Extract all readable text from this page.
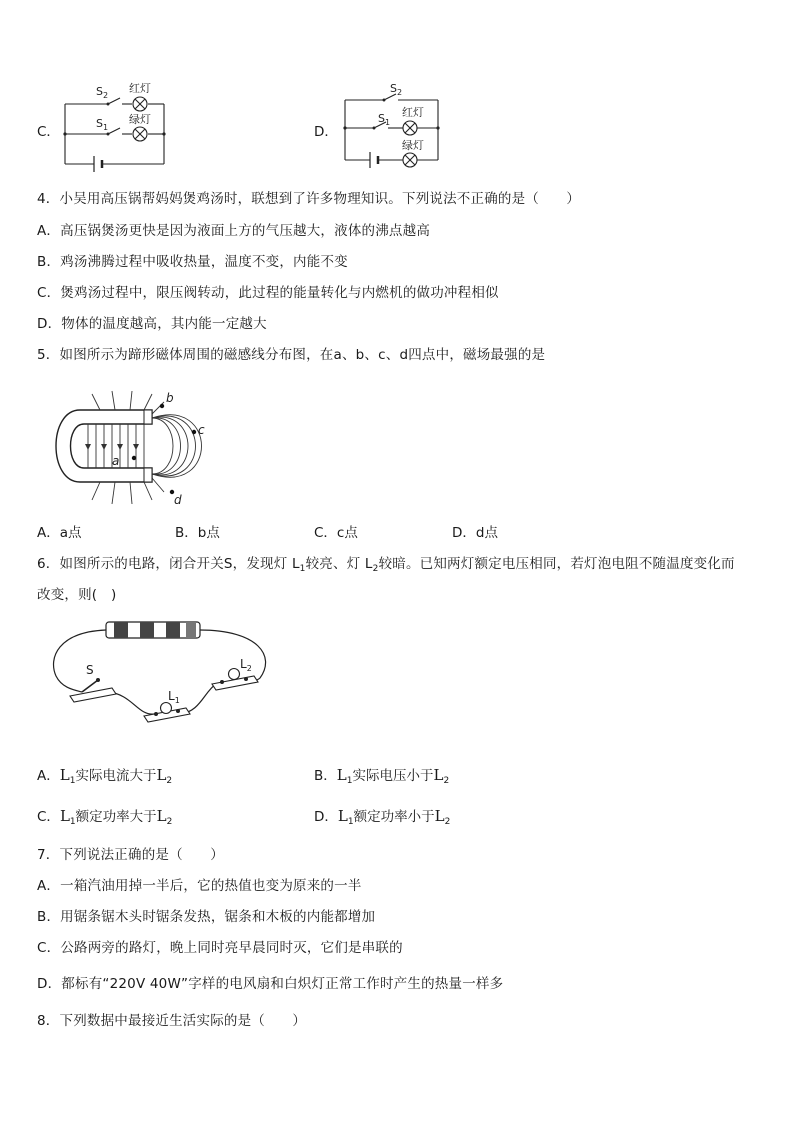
C．
$S_2$
$S_1$
红灯
绿灯
D．
$S_2$
$S_1$
红灯
绿灯
4．小吴用高压锅帮妈妈煲鸡汤时，联想到了许多物理知识。下列说法不正确的是（　　）
A．高压锅煲汤更快是因为液面上方的气压越大，液体的沸点越高
B．鸡汤沸腾过程中吸收热量，温度不变，内能不变
C．煲鸡汤过程中，限压阀转动，此过程的能量转化与内燃机的做功冲程相似
D．物体的温度越高，其内能一定越大
5．如图所示为蹄形磁体周围的磁感线分布图，在a、b、c、d四点中，磁场最强的是
a
b
c
d
A．a点	B．b点	C．c点	D．d点
6．如图所示的电路，闭合开关S，发现灯 $L_1$较亮、灯 $L_2$较暗。已知两灯额定电压相同，若灯泡电阻不随温度变化而
改变，则(　)
S
$L_1$
$L_2$
A．$L_1$实际电流大于$L_2$	B．$L_1$实际电压小于$L_2$
C．$L_1$额定功率大于$L_2$	D．$L_1$额定功率小于$L_2$
7．下列说法正确的是（　　）
A．一箱汽油用掉一半后，它的热值也变为原来的一半
B．用锯条锯木头时锯条发热，锯条和木板的内能都增加
C．公路两旁的路灯，晚上同时亮早晨同时灭，它们是串联的
D．都标有“220V 40W”字样的电风扇和白炽灯正常工作时产生的热量一样多
8．下列数据中最接近生活实际的是（　　）
